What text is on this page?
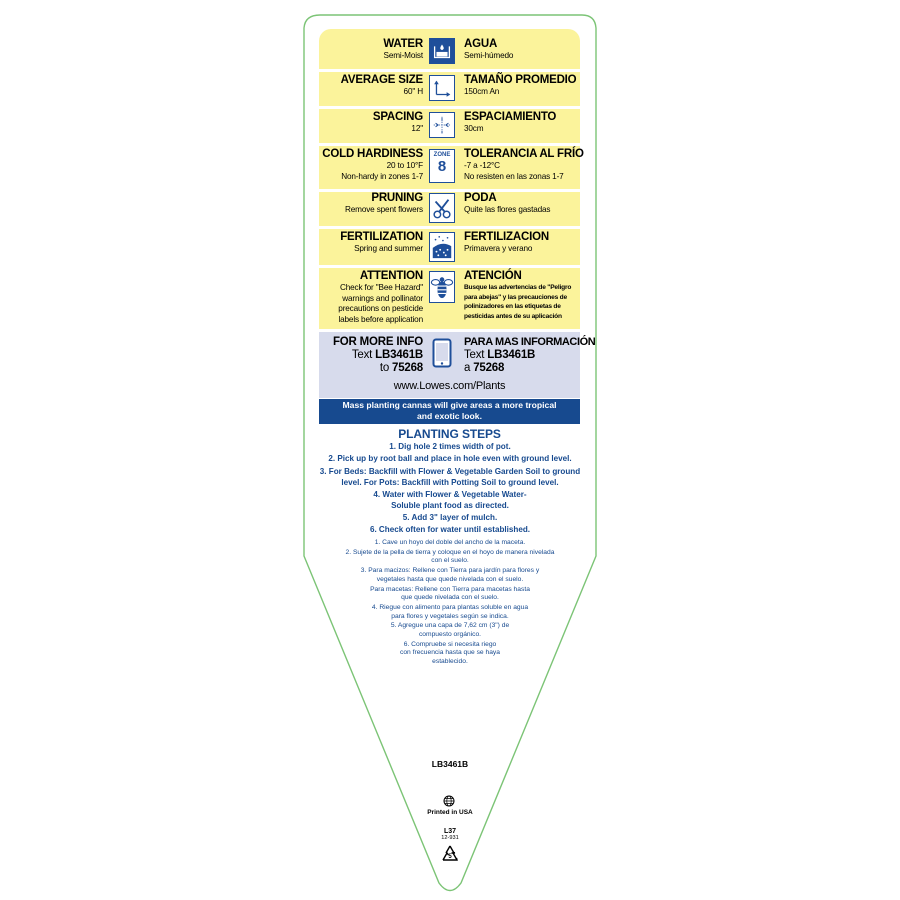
WATER
Semi-Moist
AGUA
Semi-húmedo
AVERAGE SIZE
60" H
TAMAÑO PROMEDIO
150cm An
SPACING
12"
x
x
ESPACIAMIENTO
30cm
COLD HARDINESS
20 to 10°F
Non-hardy in zones 1-7
ZONE
8
TOLERANCIA AL FRÍO
-7 a -12°C
No resisten en las zonas 1-7
PRUNING
Remove spent flowers
PODA
Quite las flores gastadas
FERTILIZATION
Spring and summer
FERTILIZACION
Primavera y verano
ATTENTION
Check for "Bee Hazard"
warnings and pollinator
precautions on pesticide
labels before application
ATENCIÓN
Busque las advertencias de "Peligro
para abejas" y las precauciones de
polinizadores en las etiquetas de
pesticidas antes de su aplicación
FOR MORE INFO
Text LB3461B
to 75268
PARA MAS INFORMACIÓN
Text LB3461B
a 75268
www.Lowes.com/Plants
Mass planting cannas will give areas a more tropical
and exotic look.
PLANTING STEPS
1. Dig hole 2 times width of pot.
2. Pick up by root ball and place in hole even with ground level.
3. For Beds: Backfill with Flower & Vegetable Garden Soil to ground level. For Pots: Backfill with Potting Soil to ground level.
4. Water with Flower & Vegetable Water-Soluble plant food as directed.
5. Add 3" layer of mulch.
6. Check often for water until established.
1. Cave un hoyo del doble del ancho de la maceta.
2. Sujete de la pella de tierra y coloque en el hoyo de manera nivelada con el suelo.
3. Para macizos: Rellene con Tierra para jardín para flores y vegetales hasta que quede nivelada con el suelo.
Para macetas: Rellene con Tierra para macetas hasta que quede nivelada con el suelo.
4. Riegue con alimento para plantas soluble en agua para flores y vegetales según se indica.
5. Agregue una capa de 7,62 cm (3") de compuesto orgánico.
6. Compruebe si necesita riego con frecuencia hasta que se haya establecido.
LB3461B
Printed in USA
L37
12-931
5
